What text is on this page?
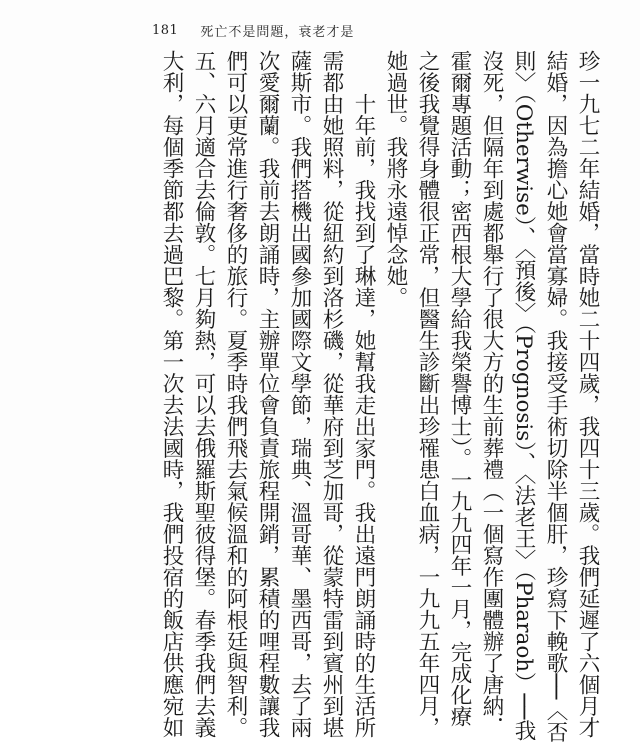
181 死亡不是問題，衰老才是
珍一九七二年結婚，當時她二十四歲，我四十三歲。我們延遲了六個月才
結婚，因為擔心她會當寡婦。我接受手術切除半個肝，珍寫下輓歌──〈否
則〉（Otherwise）、〈預後〉（Prognosis）、〈法老王〉（Pharaoh）──我
沒死，但隔年到處都舉行了很大方的生前葬禮（一個寫作團體辦了唐納．
霍爾專題活動；密西根大學給我榮譽博士）。一九九四年一月，完成化療
之後我覺得身體很正常，但醫生診斷出珍罹患白血病，一九九五年四月，
她過世。我將永遠悼念她。
十年前，我找到了琳達，她幫我走出家門。我出遠門朗誦時的生活所
需都由她照料，從紐約到洛杉磯，從華府到芝加哥，從蒙特雷到賓州到堪
薩斯市。我們搭機出國參加國際文學節，瑞典、溫哥華、墨西哥，去了兩
次愛爾蘭。我前去朗誦時，主辦單位會負責旅程開銷，累積的哩程數讓我
們可以更常進行奢侈的旅行。夏季時我們飛去氣候溫和的阿根廷與智利。
五、六月適合去倫敦。七月夠熱，可以去俄羅斯聖彼得堡。春季我們去義
大利，每個季節都去過巴黎。第一次去法國時，我們投宿的飯店供應宛如
